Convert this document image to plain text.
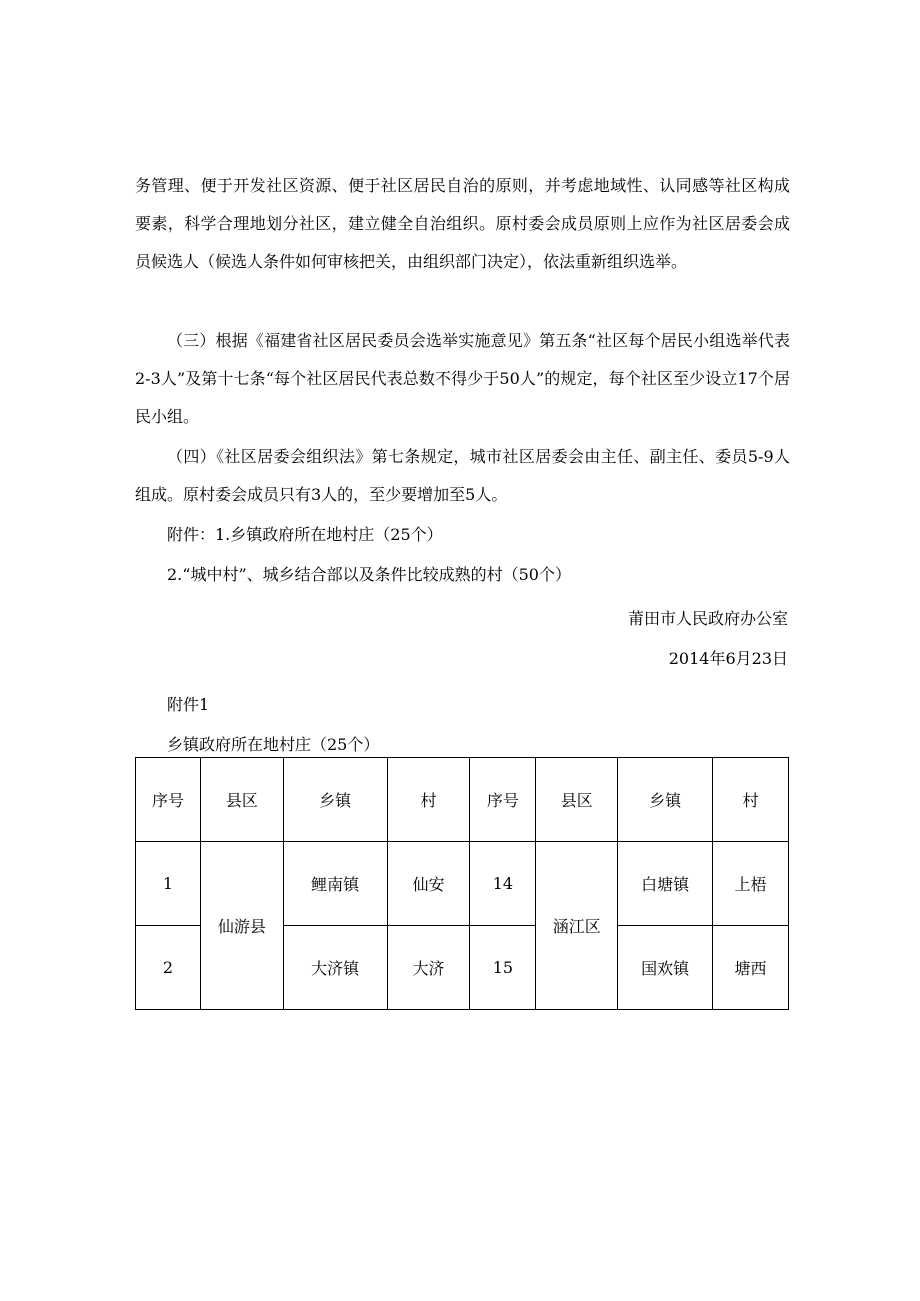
务管理、便于开发社区资源、便于社区居民自治的原则，并考虑地域性、认同感等社区构成要素，科学合理地划分社区，建立健全自治组织。原村委会成员原则上应作为社区居委会成员候选人（候选人条件如何审核把关，由组织部门决定），依法重新组织选举。

（三）根据《福建省社区居民委员会选举实施意见》第五条“社区每个居民小组选举代表2-3人”及第十七条“每个社区居民代表总数不得少于50人”的规定，每个社区至少设立17个居民小组。

（四）《社区居委会组织法》第七条规定，城市社区居委会由主任、副主任、委员5-9人组成。原村委会成员只有3人的，至少要增加至5人。

附件：1.乡镇政府所在地村庄（25个）

2.“城中村”、城乡结合部以及条件比较成熟的村（50个）

莆田市人民政府办公室

2014年6月23日

附件1

乡镇政府所在地村庄（25个）

序号	县区	乡镇	村	序号	县区	乡镇	村
1	仙游县	鲤南镇	仙安	14	涵江区	白塘镇	上梧
2		大济镇	大济	15		国欢镇	塘西
